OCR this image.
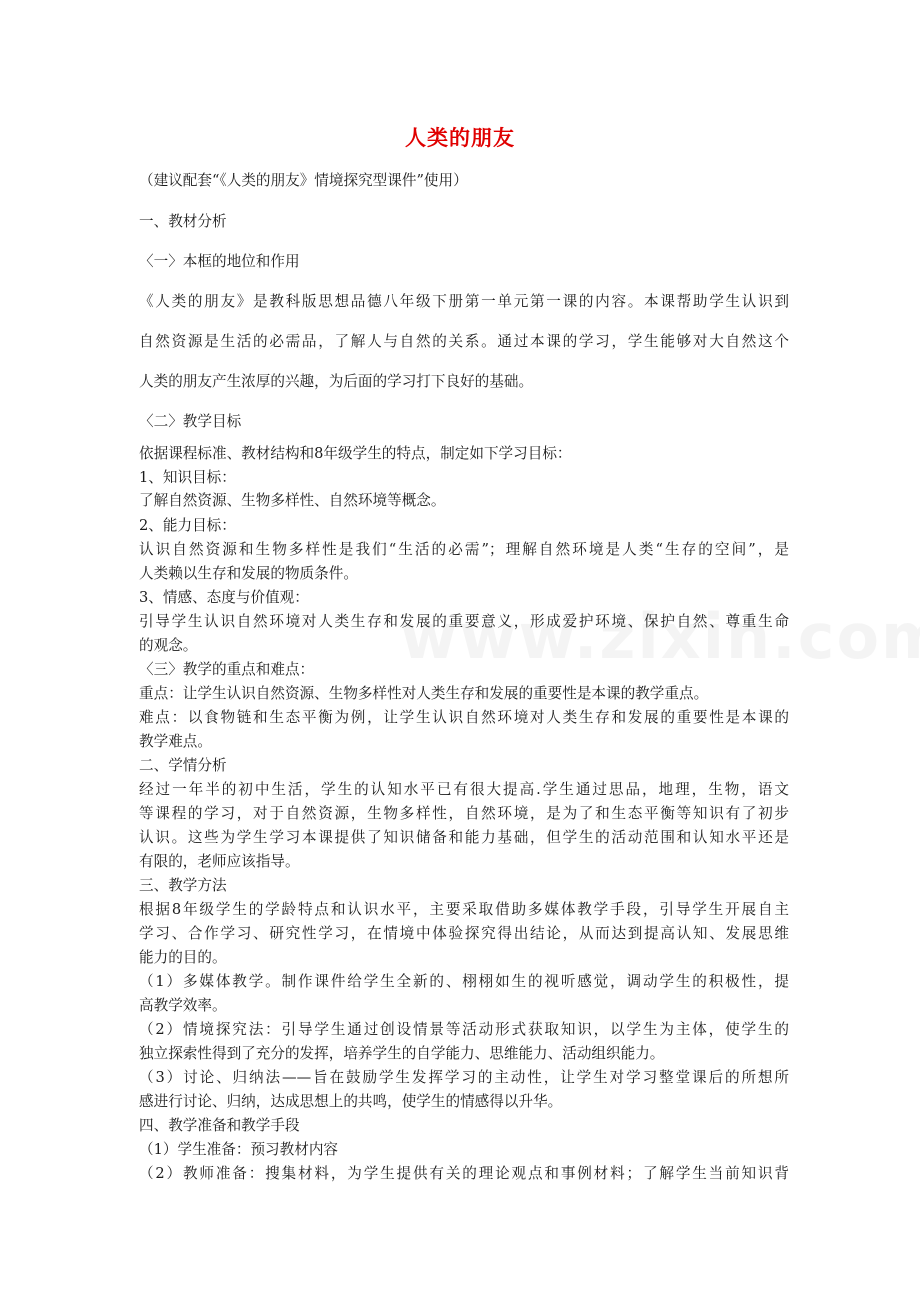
人类的朋友
（建议配套“《人类的朋友》情境探究型课件”使用）
一、教材分析
〈一〉本框的地位和作用
《人类的朋友》是教科版思想品德八年级下册第一单元第一课的内容。本课帮助学生认识到
自然资源是生活的必需品，了解人与自然的关系。通过本课的学习，学生能够对大自然这个
人类的朋友产生浓厚的兴趣，为后面的学习打下良好的基础。
〈二〉教学目标
依据课程标准、教材结构和8年级学生的特点，制定如下学习目标：
1、知识目标：
了解自然资源、生物多样性、自然环境等概念。
2、能力目标：
认识自然资源和生物多样性是我们“生活的必需”；理解自然环境是人类“生存的空间”，是
人类赖以生存和发展的物质条件。
3、情感、态度与价值观：
引导学生认识自然环境对人类生存和发展的重要意义，形成爱护环境、保护自然、尊重生命
的观念。
〈三〉教学的重点和难点：
重点：让学生认识自然资源、生物多样性对人类生存和发展的重要性是本课的教学重点。
难点：以食物链和生态平衡为例，让学生认识自然环境对人类生存和发展的重要性是本课的
教学难点。
二、学情分析
经过一年半的初中生活，学生的认知水平已有很大提高.学生通过思品，地理，生物，语文
等课程的学习，对于自然资源，生物多样性，自然环境，是为了和生态平衡等知识有了初步
认识。这些为学生学习本课提供了知识储备和能力基础，但学生的活动范围和认知水平还是
有限的，老师应该指导。
三、教学方法
根据8年级学生的学龄特点和认识水平，主要采取借助多媒体教学手段，引导学生开展自主
学习、合作学习、研究性学习，在情境中体验探究得出结论，从而达到提高认知、发展思维
能力的目的。
（1）多媒体教学。制作课件给学生全新的、栩栩如生的视听感觉，调动学生的积极性，提
高教学效率。
（2）情境探究法：引导学生通过创设情景等活动形式获取知识，以学生为主体，使学生的
独立探索性得到了充分的发挥，培养学生的自学能力、思维能力、活动组织能力。
（3）讨论、归纳法——旨在鼓励学生发挥学习的主动性，让学生对学习整堂课后的所想所
感进行讨论、归纳，达成思想上的共鸣，使学生的情感得以升华。
四、教学准备和教学手段
（1）学生准备：预习教材内容
（2）教师准备：搜集材料，为学生提供有关的理论观点和事例材料；了解学生当前知识背
